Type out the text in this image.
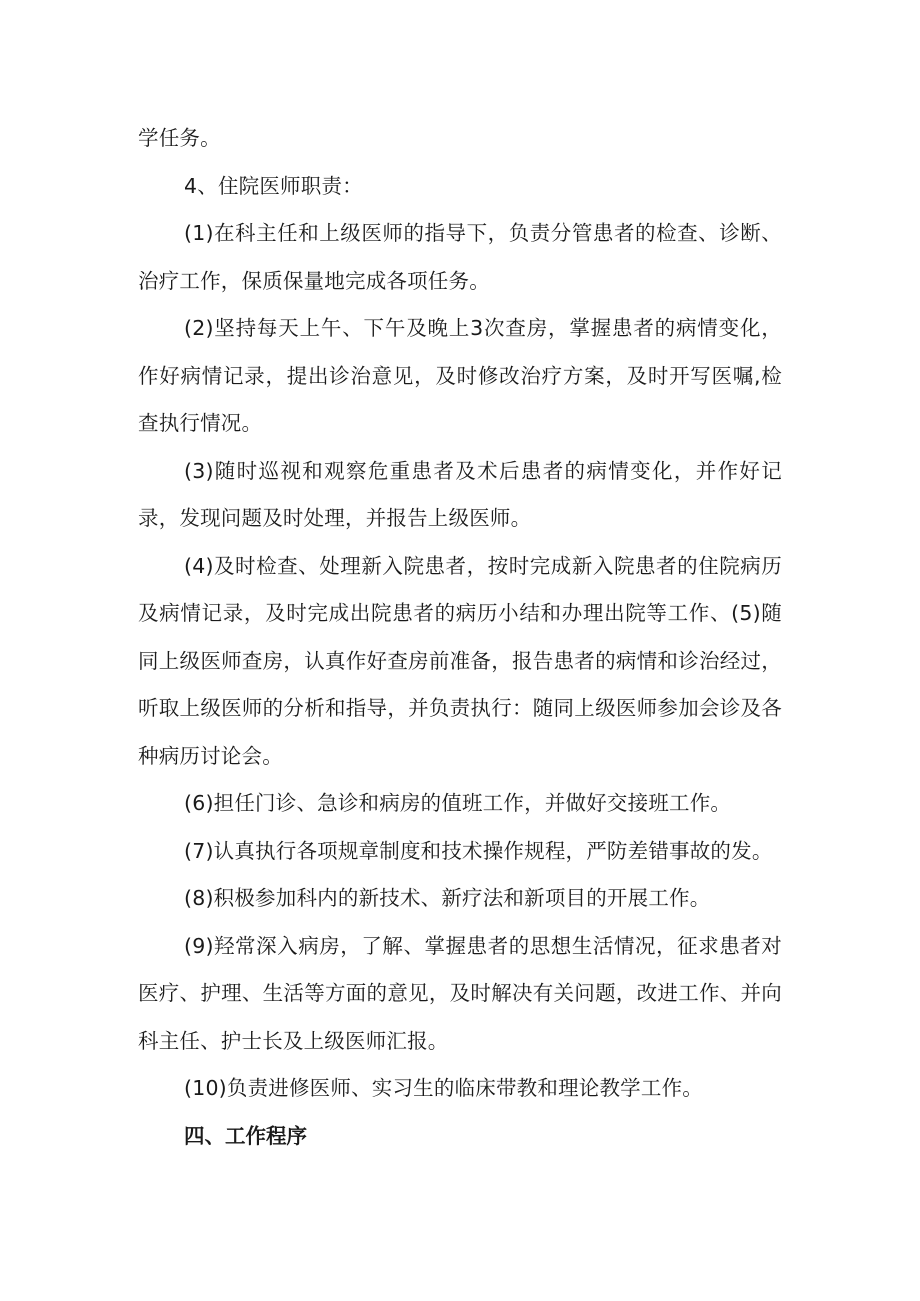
学任务。

4、住院医师职责：

(1)在科主任和上级医师的指导下，负责分管患者的检查、诊断、治疗工作，保质保量地完成各项任务。

(2)坚持每天上午、下午及晚上3次查房，掌握患者的病情变化，作好病情记录，提出诊治意见，及时修改治疗方案，及时开写医嘱,检查执行情况。

(3)随时巡视和观察危重患者及术后患者的病情变化，并作好记录，发现问题及时处理，并报告上级医师。

(4)及时检查、处理新入院患者，按时完成新入院患者的住院病历及病情记录，及时完成出院患者的病历小结和办理出院等工作、(5)随同上级医师查房，认真作好查房前准备，报告患者的病情和诊治经过，听取上级医师的分析和指导，并负责执行：随同上级医师参加会诊及各种病历讨论会。

(6)担任门诊、急诊和病房的值班工作，并做好交接班工作。

(7)认真执行各项规章制度和技术操作规程，严防差错事故的发。

(8)积极参加科内的新技术、新疗法和新项目的开展工作。

(9)羟常深入病房，了解、掌握患者的思想生活情况，征求患者对医疗、护理、生活等方面的意见，及时解决有关问题，改进工作、并向科主任、护士长及上级医师汇报。

(10)负责进修医师、实习生的临床带教和理论教学工作。

四、工作程序
